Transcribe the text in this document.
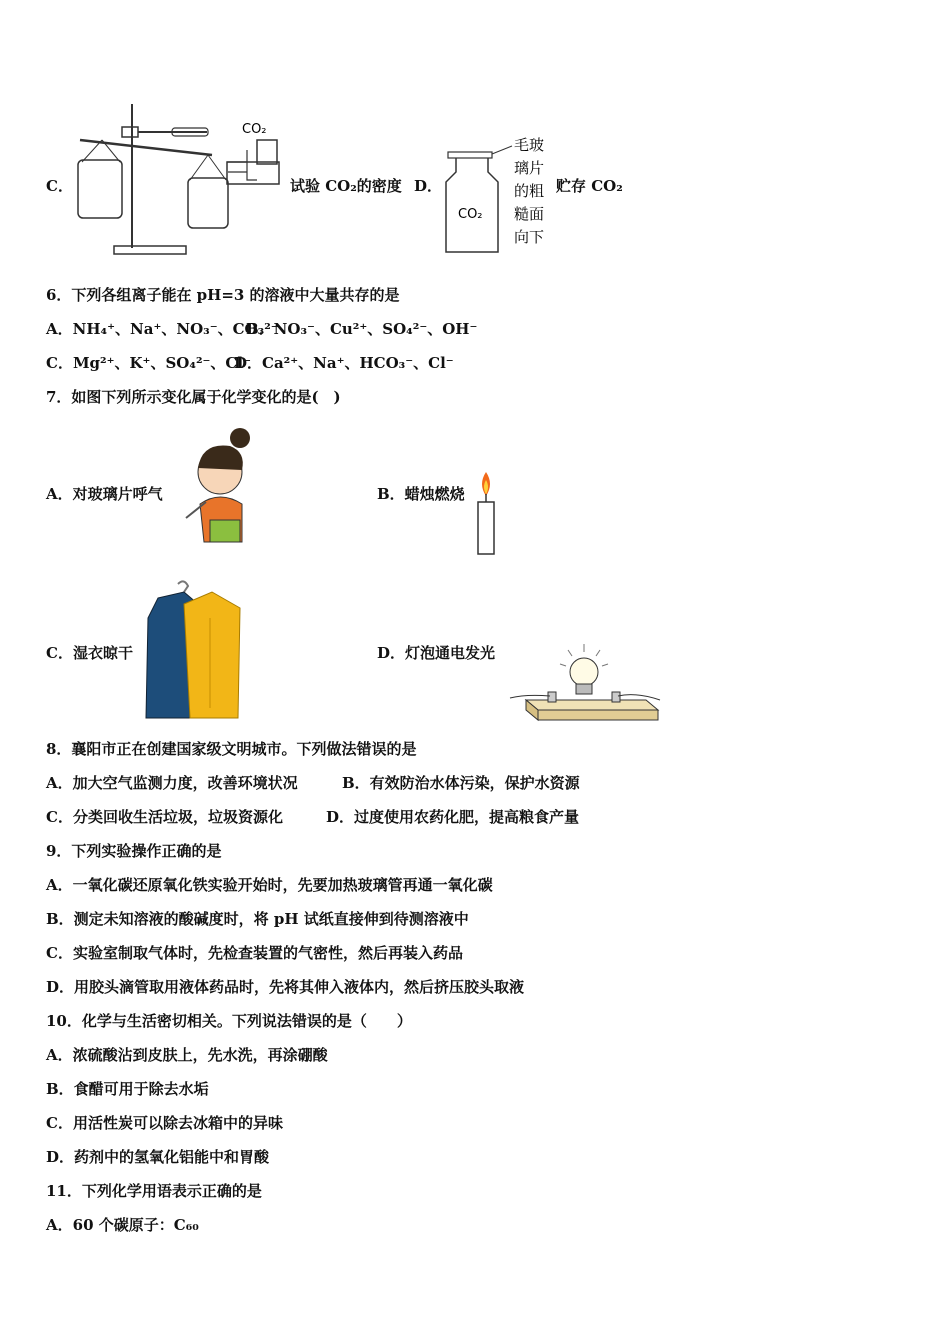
C．
CO₂
试验 CO₂的密度 D．
CO₂
毛玻
璃片
的粗
糙面
向下
贮存 CO₂
6．下列各组离子能在 pH=3 的溶液中大量共存的是
A．NH₄⁺、Na⁺、NO₃⁻、CO₃²⁻
B．NO₃⁻、Cu²⁺、SO₄²⁻、OH⁻
C．Mg²⁺、K⁺、SO₄²⁻、Cl⁻
D．Ca²⁺、Na⁺、HCO₃⁻、Cl⁻
7．如图下列所示变化属于化学变化的是(　)
A．对玻璃片呼气	B．蜡烛燃烧
C．湿衣晾干	D．灯泡通电发光
8．襄阳市正在创建国家级文明城市。下列做法错误的是
A．加大空气监测力度，改善环境状况	B．有效防治水体污染，保护水资源
C．分类回收生活垃圾，垃圾资源化	D．过度使用农药化肥，提高粮食产量
9．下列实验操作正确的是
A．一氧化碳还原氧化铁实验开始时，先要加热玻璃管再通一氧化碳
B．测定未知溶液的酸碱度时，将 pH 试纸直接伸到待测溶液中
C．实验室制取气体时，先检查装置的气密性，然后再装入药品
D．用胶头滴管取用液体药品时，先将其伸入液体内，然后挤压胶头取液
10．化学与生活密切相关。下列说法错误的是（　　）
A．浓硫酸沾到皮肤上，先水洗，再涂硼酸
B．食醋可用于除去水垢
C．用活性炭可以除去冰箱中的异味
D．药剂中的氢氧化铝能中和胃酸
11．下列化学用语表示正确的是
A．60 个碳原子：C₆₀
